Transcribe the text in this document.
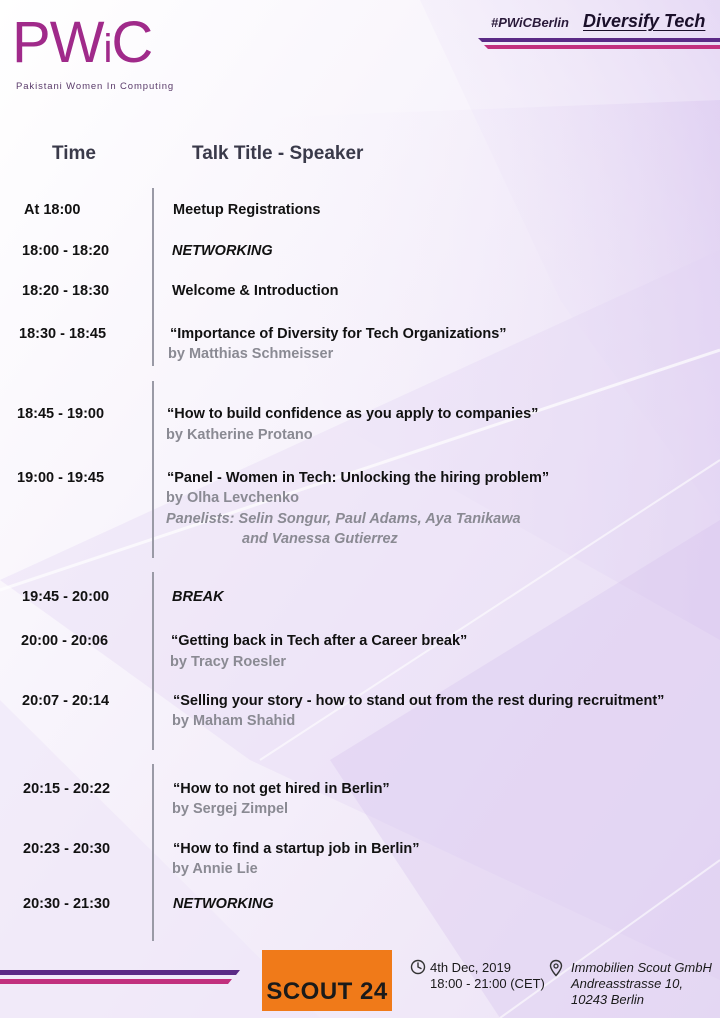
PWiC
Pakistani Women In Computing
#PWiCBerlin Diversify Tech
Time	Talk Title - Speaker
At 18:00	Meetup Registrations
18:00 - 18:20	NETWORKING
18:20 - 18:30	Welcome & Introduction
18:30 - 18:45	“Importance of Diversity for Tech Organizations”
by Matthias Schmeisser
18:45 - 19:00	“How to build confidence as you apply to companies”
by Katherine Protano
19:00 - 19:45	“Panel - Women in Tech: Unlocking the hiring problem”
by Olha Levchenko
Panelists: Selin Songur, Paul Adams, Aya Tanikawa
and Vanessa Gutierrez
19:45 - 20:00	BREAK
20:00 - 20:06	“Getting back in Tech after a Career break”
by Tracy Roesler
20:07 - 20:14	“Selling your story - how to stand out from the rest during recruitment”
by Maham Shahid
20:15 - 20:22	“How to not get hired in Berlin”
by Sergej Zimpel
20:23 - 20:30	“How to find a startup job in Berlin”
by Annie Lie
20:30 - 21:30	NETWORKING
SCOUT 24
4th Dec, 2019
18:00 - 21:00 (CET)
Immobilien Scout GmbH
Andreasstrasse 10,
10243 Berlin
